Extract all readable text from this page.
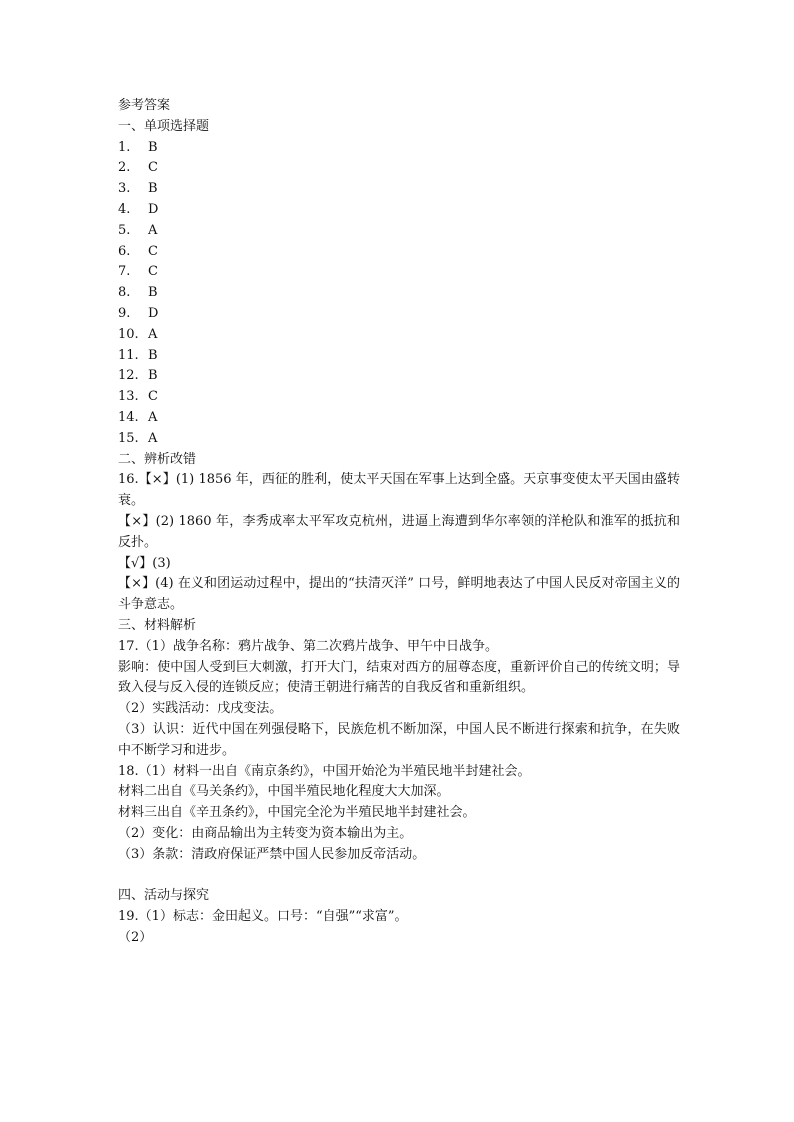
参考答案
一、单项选择题
1.	B
2.	C
3.	B
4.	D
5.	A
6.	C
7.	C
8.	B
9.	D
10. A
11. B
12. B
13. C
14. A
15. A
二、辨析改错
16.【×】(1) 1856 年，西征的胜利，使太平天国在军事上达到全盛。天京事变使太平天国由盛转衰。
【×】(2) 1860 年，李秀成率太平军攻克杭州，进逼上海遭到华尔率领的洋枪队和淮军的抵抗和反扑。
【√】(3)
【×】(4) 在义和团运动过程中，提出的“扶清灭洋” 口号，鲜明地表达了中国人民反对帝国主义的斗争意志。
三、材料解析
17.（1）战争名称：鸦片战争、第二次鸦片战争、甲午中日战争。
影响：使中国人受到巨大刺激，打开大门，结束对西方的屈尊态度，重新评价自己的传统文明；导致入侵与反入侵的连锁反应；使清王朝进行痛苦的自我反省和重新组织。
（2）实践活动：戊戌变法。
（3）认识：近代中国在列强侵略下，民族危机不断加深，中国人民不断进行探索和抗争，在失败中不断学习和进步。
18.（1）材料一出自《南京条约》，中国开始沦为半殖民地半封建社会。
材料二出自《马关条约》，中国半殖民地化程度大大加深。
材料三出自《辛丑条约》，中国完全沦为半殖民地半封建社会。
（2）变化：由商品输出为主转变为资本输出为主。
（3）条款：清政府保证严禁中国人民参加反帝活动。
四、活动与探究
19.（1）标志：金田起义。口号：“自强”“求富”。
（2）
